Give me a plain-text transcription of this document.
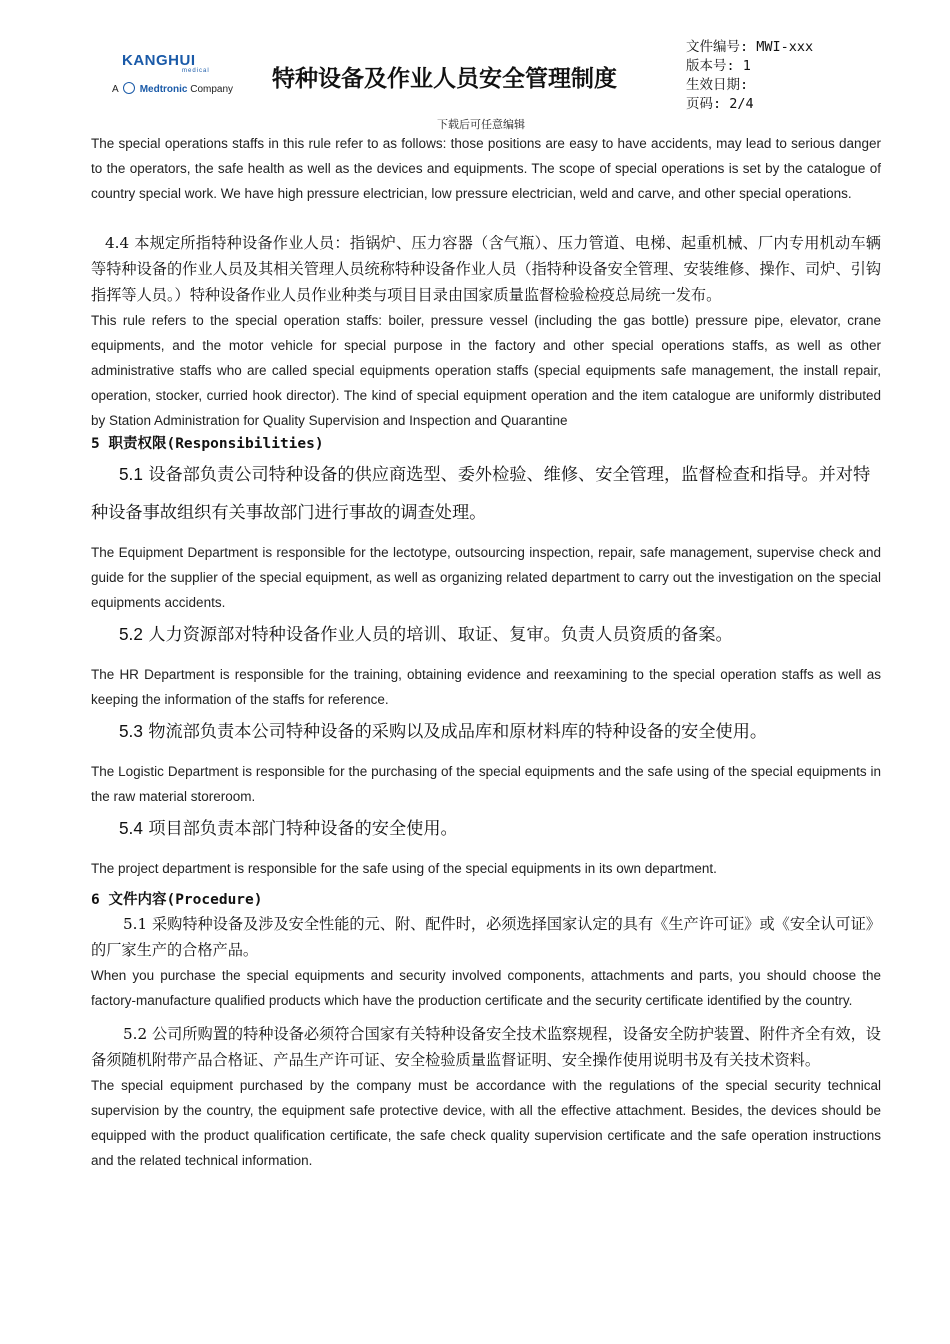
KANGHUI
medical
A Medtronic Company 特种设备及作业人员安全管理制度
文件编号: MWI-xxx
版本号: 1
生效日期:
页码: 2/4
下载后可任意编辑

The special operations staffs in this rule refer to as follows: those positions are easy to have accidents, may lead to serious danger to the operators, the safe health as well as the devices and equipments. The scope of special operations is set by the catalogue of country special work. We have high pressure electrician, low pressure electrician, weld and carve, and other special operations.

4.4 本规定所指特种设备作业人员：指锅炉、压力容器（含气瓶）、压力管道、电梯、起重机械、厂内专用机动车辆等特种设备的作业人员及其相关管理人员统称特种设备作业人员（指特种设备安全管理、安装维修、操作、司炉、引钩指挥等人员。）特种设备作业人员作业种类与项目目录由国家质量监督检验检疫总局统一发布。

This rule refers to the special operation staffs: boiler, pressure vessel (including the gas bottle) pressure pipe, elevator, crane equipments, and the motor vehicle for special purpose in the factory and other special operations staffs, as well as other administrative staffs who are called special equipments operation staffs (special equipments safe management, the install repair, operation, stocker, curried hook director). The kind of special equipment operation and the item catalogue are uniformly distributed by Station Administration for Quality Supervision and Inspection and Quarantine

5 职责权限(Responsibilities)

5.1 设备部负责公司特种设备的供应商选型、委外检验、维修、安全管理，监督检查和指导。并对特种设备事故组织有关事故部门进行事故的调查处理。

The Equipment Department is responsible for the lectotype, outsourcing inspection, repair, safe management, supervise check and guide for the supplier of the special equipment, as well as organizing related department to carry out the investigation on the special equipments accidents.

5.2 人力资源部对特种设备作业人员的培训、取证、复审。负责人员资质的备案。

The HR Department is responsible for the training, obtaining evidence and reexamining to the special operation staffs as well as keeping the information of the staffs for reference.

5.3 物流部负责本公司特种设备的采购以及成品库和原材料库的特种设备的安全使用。

The Logistic Department is responsible for the purchasing of the special equipments and the safe using of the special equipments in the raw material storeroom.

5.4 项目部负责本部门特种设备的安全使用。

The project department is responsible for the safe using of the special equipments in its own department.

6 文件内容(Procedure)

5.1 采购特种设备及涉及安全性能的元、附、配件时，必须选择国家认定的具有《生产许可证》或《安全认可证》的厂家生产的合格产品。

When you purchase the special equipments and security involved components, attachments and parts, you should choose the factory-manufacture qualified products which have the production certificate and the security certificate identified by the country.

5.2 公司所购置的特种设备必须符合国家有关特种设备安全技术监察规程，设备安全防护装置、附件齐全有效，设备须随机附带产品合格证、产品生产许可证、安全检验质量监督证明、安全操作使用说明书及有关技术资料。

The special equipment purchased by the company must be accordance with the regulations of the special security technical supervision by the country, the equipment safe protective device, with all the effective attachment. Besides, the devices should be equipped with the product qualification certificate, the safe check quality supervision certificate and the safe operation instructions and the related technical information.
